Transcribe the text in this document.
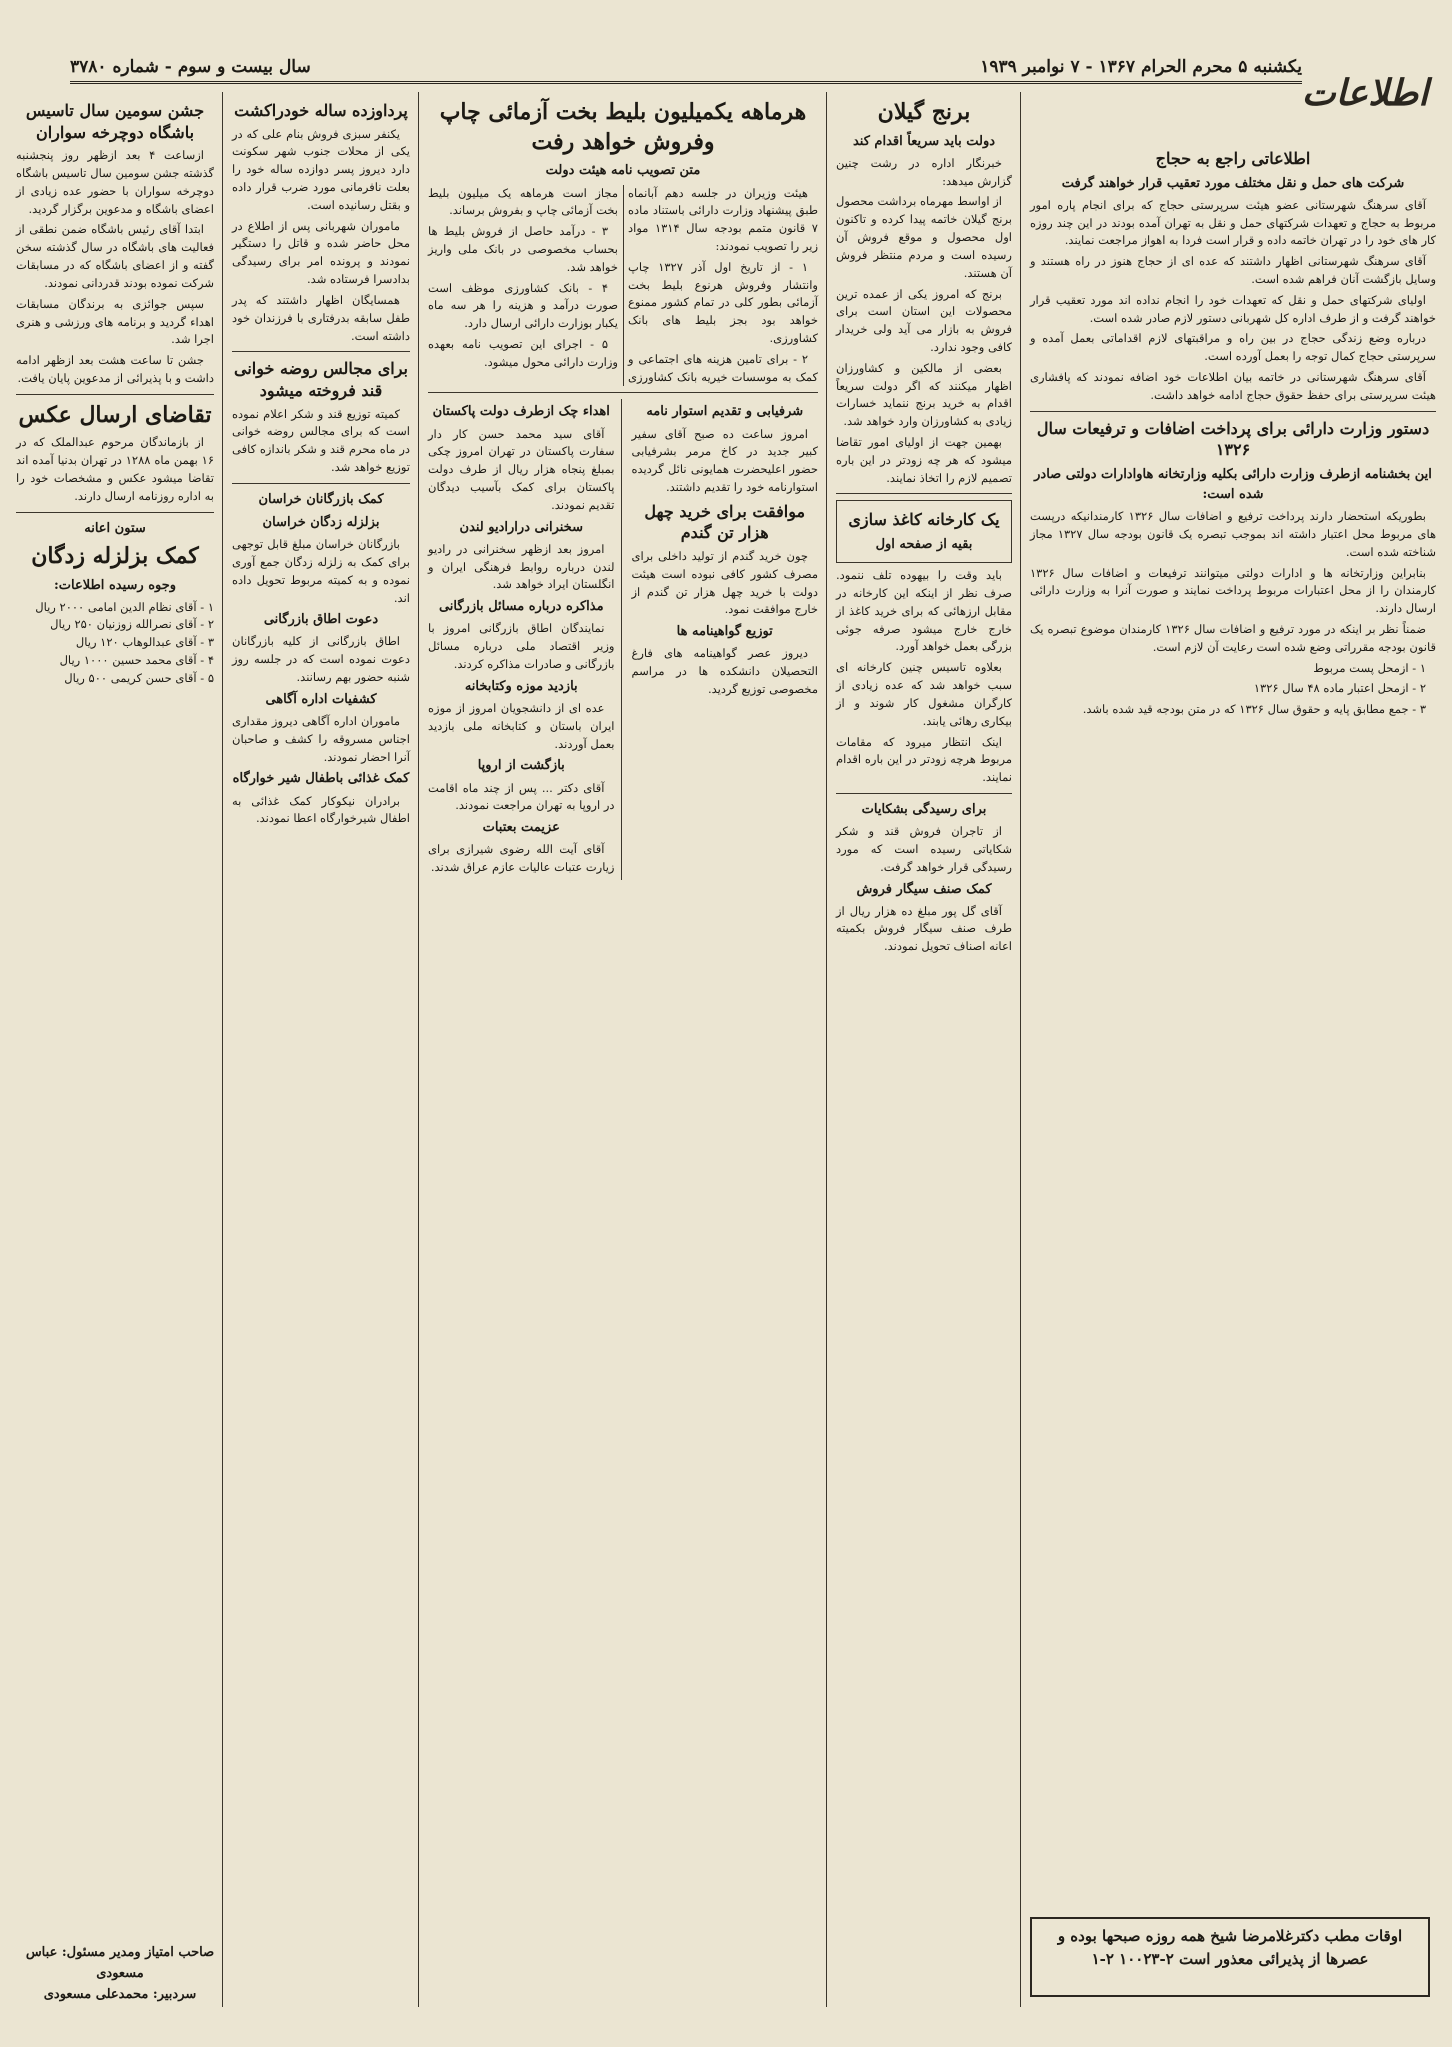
اطلاعات
یکشنبه ۵ محرم الحرام ۱۳۶۷ - ۷ نوامبر ۱۹۳۹
سال بیست و سوم - شماره ۳۷۸۰
اطلاعاتی راجع به حجاج
شرکت های حمل و نقل مختلف مورد تعقیب قرار خواهند گرفت

آقای سرهنگ شهرستانی عضو هیئت سرپرستی حجاج که برای انجام پاره امور مربوط به حجاج و تعهدات شرکتهای حمل و نقل به تهران آمده بودند در این چند روزه کار های خود را در تهران خاتمه داده و قرار است فردا به اهواز مراجعت نمایند.

آقای سرهنگ شهرستانی اظهار داشتند که عده ای از حجاج هنوز در راه هستند و وسایل بازگشت آنان فراهم شده است.

اولیای شرکتهای حمل و نقل که تعهدات خود را انجام نداده اند مورد تعقیب قرار خواهند گرفت و از طرف اداره کل شهربانی دستور لازم صادر شده است.

درباره وضع زندگی حجاج در بین راه و مراقبتهای لازم اقداماتی بعمل آمده و سرپرستی حجاج کمال توجه را بعمل آورده است.

آقای سرهنگ شهرستانی در خاتمه بیان اطلاعات خود اضافه نمودند که پافشاری هیئت سرپرستی برای حفظ حقوق حجاج ادامه خواهد داشت.

دستور وزارت دارائی برای پرداخت اضافات و ترفیعات سال ۱۳۲۶
این بخشنامه ازطرف وزارت دارائی بکلیه وزارتخانه هاوادارات دولتی صادر شده است:

بطوریکه استحضار دارند پرداخت ترفیع و اضافات سال ۱۳۲۶ کارمندانیکه درپست های مربوط محل اعتبار داشته اند بموجب تبصره یک قانون بودجه سال ۱۳۲۷ مجاز شناخته شده است.

بنابراین وزارتخانه ها و ادارات دولتی میتوانند ترفیعات و اضافات سال ۱۳۲۶ کارمندان را از محل اعتبارات مربوط پرداخت نمایند و صورت آنرا به وزارت دارائی ارسال دارند.

ضمناً نظر بر اینکه در مورد ترفیع و اضافات سال ۱۳۲۶ کارمندان موضوع تبصره یک قانون بودجه مقرراتی وضع شده است رعایت آن لازم است.

۱ - ازمحل پست مربوط

۲ - ازمحل اعتبار ماده ۴۸ سال ۱۳۲۶

۳ - جمع مطابق پایه و حقوق سال ۱۳۲۶ که در متن بودجه قید شده باشد.

اوقات مطب دکترغلامرضا شیخ همه روزه صبحها بوده و عصرها از پذیرائی معذور است ۲-۱۰۰۲۳ ۲-۱
برنج گیلان
دولت باید سریعاً اقدام کند

خبرنگار اداره در رشت چنین گزارش میدهد:

از اواسط مهرماه برداشت محصول برنج گیلان خاتمه پیدا کرده و تاکنون اول محصول و موقع فروش آن رسیده است و مردم منتظر فروش آن هستند.

برنج که امروز یکی از عمده ترین محصولات این استان است برای فروش به بازار می آید ولی خریدار کافی وجود ندارد.

بعضی از مالکین و کشاورزان اظهار میکنند که اگر دولت سریعاً اقدام به خرید برنج ننماید خسارات زیادی به کشاورزان وارد خواهد شد.

بهمین جهت از اولیای امور تقاضا میشود که هر چه زودتر در این باره تصمیم لازم را اتخاذ نمایند.

یک کارخانه کاغذ سازی
بقیه از صفحه اول

باید وقت را بیهوده تلف ننمود. صرف نظر از اینکه این کارخانه در مقابل ارزهائی که برای خرید کاغذ از خارج خارج میشود صرفه جوئی بزرگی بعمل خواهد آورد.

بعلاوه تاسیس چنین کارخانه ای سبب خواهد شد که عده زیادی از کارگران مشغول کار شوند و از بیکاری رهائی یابند.

اینک انتظار میرود که مقامات مربوط هرچه زودتر در این باره اقدام نمایند.

برای رسیدگی بشکایات

از تاجران فروش قند و شکر شکایاتی رسیده است که مورد رسیدگی قرار خواهد گرفت.

کمک صنف سیگار فروش

آقای گل پور مبلغ ده هزار ریال از طرف صنف سیگار فروش بکمیته اعانه اصناف تحویل نمودند.

هرماهه یکمیلیون بلیط بخت آزمائی چاپ وفروش خواهد رفت
متن تصویب نامه هیئت دولت

هیئت وزیران در جلسه دهم آبانماه طبق پیشنهاد وزارت دارائی باستناد ماده ۷ قانون متمم بودجه سال ۱۳۱۴ مواد زیر را تصویب نمودند:

۱ - از تاریخ اول آذر ۱۳۲۷ چاپ وانتشار وفروش هرنوع بلیط بخت آزمائی بطور کلی در تمام کشور ممنوع خواهد بود بجز بلیط های بانک کشاورزی.

۲ - برای تامین هزینه های اجتماعی و کمک به موسسات خیریه بانک کشاورزی مجاز است هرماهه یک میلیون بلیط بخت آزمائی چاپ و بفروش برساند.

۳ - درآمد حاصل از فروش بلیط ها بحساب مخصوصی در بانک ملی واریز خواهد شد.

۴ - بانک کشاورزی موظف است صورت درآمد و هزینه را هر سه ماه یکبار بوزارت دارائی ارسال دارد.

۵ - اجرای این تصویب نامه بعهده وزارت دارائی محول میشود.

شرفیابی و تقدیم استوار نامه

امروز ساعت ده صبح آقای سفیر کبیر جدید در کاخ مرمر بشرفیابی حضور اعلیحضرت همایونی نائل گردیده استوارنامه خود را تقدیم داشتند.

موافقت برای خرید چهل هزار تن گندم

چون خرید گندم از تولید داخلی برای مصرف کشور کافی نبوده است هیئت دولت با خرید چهل هزار تن گندم از خارج موافقت نمود.

توزیع گواهینامه ها

دیروز عصر گواهینامه های فارغ التحصیلان دانشکده ها در مراسم مخصوصی توزیع گردید.

اهداء چک ازطرف دولت پاکستان

آقای سید محمد حسن کار دار سفارت پاکستان در تهران امروز چکی بمبلغ پنجاه هزار ریال از طرف دولت پاکستان برای کمک بآسیب دیدگان تقدیم نمودند.

سخنرانی درارادیو لندن

امروز بعد ازظهر سخنرانی در رادیو لندن درباره روابط فرهنگی ایران و انگلستان ایراد خواهد شد.

مذاکره درباره مسائل بازرگانی

نمایندگان اطاق بازرگانی امروز با وزیر اقتصاد ملی درباره مسائل بازرگانی و صادرات مذاکره کردند.

بازدید موزه وکتابخانه

عده ای از دانشجویان امروز از موزه ایران باستان و کتابخانه ملی بازدید بعمل آوردند.

بازگشت از اروپا

آقای دکتر ... پس از چند ماه اقامت در اروپا به تهران مراجعت نمودند.

عزیمت بعتبات

آقای آیت الله رضوی شیرازی برای زیارت عتبات عالیات عازم عراق شدند.

پرداوزده ساله خودراکشت

یکنفر سبزی فروش بنام علی که در یکی از محلات جنوب شهر سکونت دارد دیروز پسر دوازده ساله خود را بعلت نافرمانی مورد ضرب قرار داده و بقتل رسانیده است.

ماموران شهربانی پس از اطلاع در محل حاضر شده و قاتل را دستگیر نمودند و پرونده امر برای رسیدگی بدادسرا فرستاده شد.

همسایگان اظهار داشتند که پدر طفل سابقه بدرفتاری با فرزندان خود داشته است.

برای مجالس روضه خوانی قند فروخته میشود

کمیته توزیع قند و شکر اعلام نموده است که برای مجالس روضه خوانی در ماه محرم قند و شکر باندازه کافی توزیع خواهد شد.

کمک بازرگانان خراسان
بزلزله زدگان خراسان

بازرگانان خراسان مبلغ قابل توجهی برای کمک به زلزله زدگان جمع آوری نموده و به کمیته مربوط تحویل داده اند.

دعوت اطاق بازرگانی

اطاق بازرگانی از کلیه بازرگانان دعوت نموده است که در جلسه روز شنبه حضور بهم رسانند.

کشفیات اداره آگاهی

ماموران اداره آگاهی دیروز مقداری اجناس مسروقه را کشف و صاحبان آنرا احضار نمودند.

کمک غذائی باطفال شیر خوارگاه

برادران نیکوکار کمک غذائی به اطفال شیرخوارگاه اعطا نمودند.

جشن سومین سال تاسیس باشگاه دوچرخه سواران

ازساعت ۴ بعد ازظهر روز پنجشنبه گذشته جشن سومین سال تاسیس باشگاه دوچرخه سواران با حضور عده زیادی از اعضای باشگاه و مدعوین برگزار گردید.

ابتدا آقای رئیس باشگاه ضمن نطقی از فعالیت های باشگاه در سال گذشته سخن گفته و از اعضای باشگاه که در مسابقات شرکت نموده بودند قدردانی نمودند.

سپس جوائزی به برندگان مسابقات اهداء گردید و برنامه های ورزشی و هنری اجرا شد.

جشن تا ساعت هشت بعد ازظهر ادامه داشت و با پذیرائی از مدعوین پایان یافت.

تقاضای ارسال عکس

از بازماندگان مرحوم عبدالملک که در ۱۶ بهمن ماه ۱۲۸۸ در تهران بدنیا آمده اند تقاضا میشود عکس و مشخصات خود را به اداره روزنامه ارسال دارند.

ستون اعانه
کمک بزلزله زدگان
وجوه رسیده اطلاعات:
۱ - آقای نظام الدین امامی ۲۰۰۰ ریال
۲ - آقای نصرالله زوزنیان ۲۵۰ ریال
۳ - آقای عبدالوهاب ۱۲۰ ریال
۴ - آقای محمد حسین ۱۰۰۰ ریال
۵ - آقای حسن کریمی ۵۰۰ ریال
صاحب امتیاز ومدیر مسئول: عباس مسعودی
سردبیر: محمدعلی مسعودی
